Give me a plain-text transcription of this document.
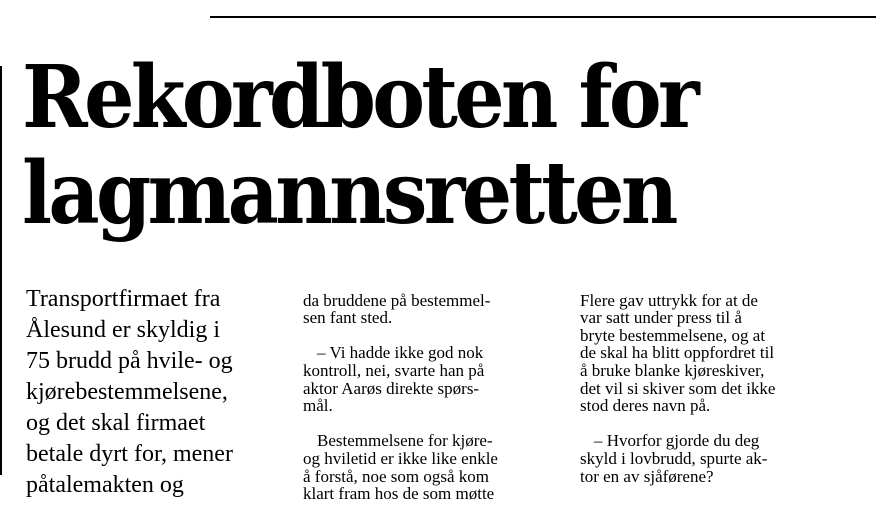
Rekordboten for
lagmannsretten
Transportfirmaet fra
Ålesund er skyldig i
75 brudd på hvile- og
kjørebestemmelsene,
og det skal firmaet
betale dyrt for, mener
påtalemakten og

da bruddene på bestemmel-
sen fant sted.

– Vi hadde ikke god nok
kontroll, nei, svarte han på
aktor Aarøs direkte spørs-
mål.

Bestemmelsene for kjøre-
og hviletid er ikke like enkle
å forstå, noe som også kom
klart fram hos de som møtte

Flere gav uttrykk for at de
var satt under press til å
bryte bestemmelsene, og at
de skal ha blitt oppfordret til
å bruke blanke kjøreskiver,
det vil si skiver som det ikke
stod deres navn på.

– Hvorfor gjorde du deg
skyld i lovbrudd, spurte ak-
tor en av sjåførene?
